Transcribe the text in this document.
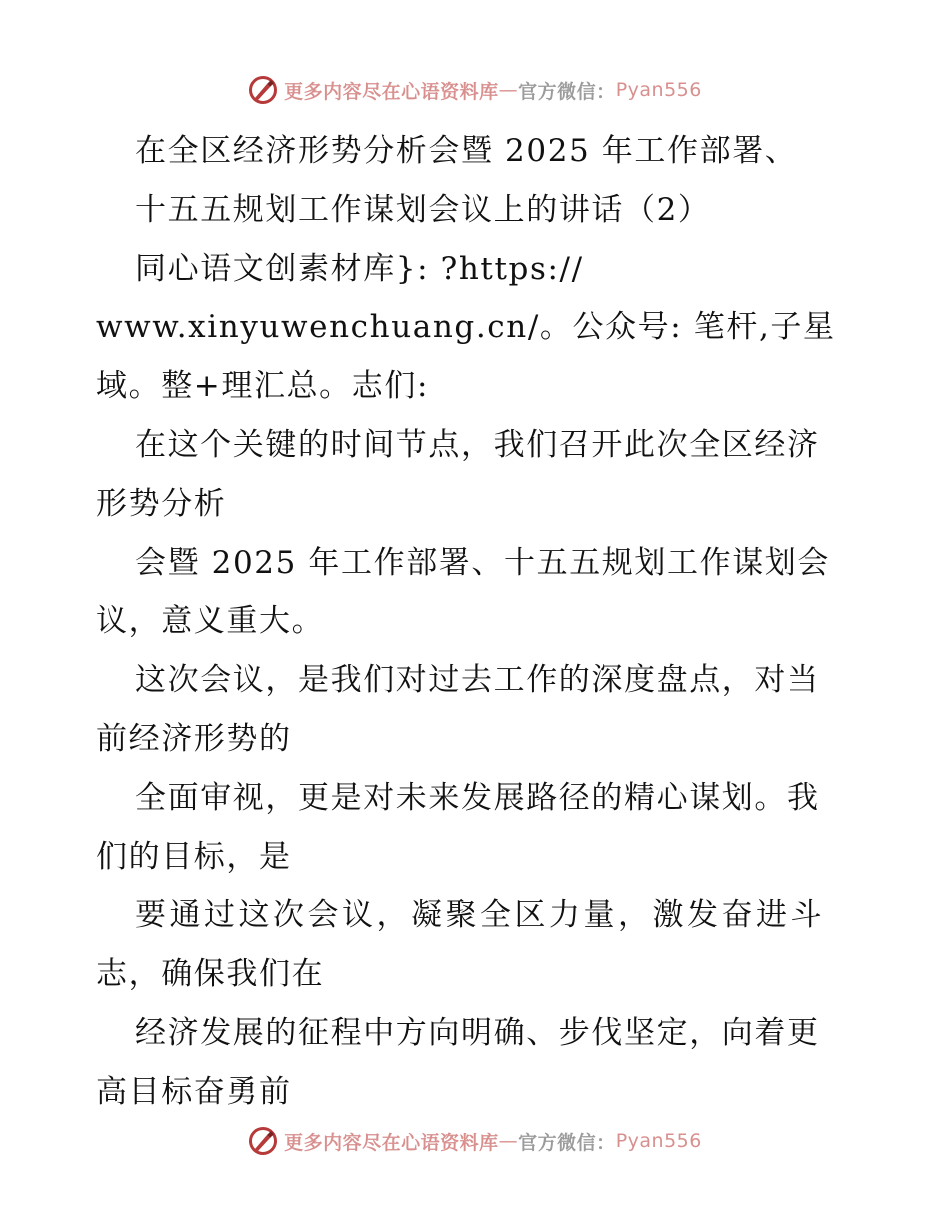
更多内容尽在心语资料库 — 官方微信： Pyan556
在全区经济形势分析会暨 2025 年工作部署、
十五五规划工作谋划会议上的讲话（2）
同心语文创素材库}: ?https://
www.xinyuwenchuang.cn/。公众号: 笔杆,子星
域。整+理汇总。志们:
在这个关键的时间节点，我们召开此次全区经济
形势分析
会暨 2025 年工作部署、十五五规划工作谋划会
议，意义重大。
这次会议，是我们对过去工作的深度盘点，对当
前经济形势的
全面审视，更是对未来发展路径的精心谋划。我
们的目标，是
要通过这次会议，凝聚全区力量，激发奋进斗
志，确保我们在
经济发展的征程中方向明确、步伐坚定，向着更
高目标奋勇前
更多内容尽在心语资料库 — 官方微信： Pyan556
